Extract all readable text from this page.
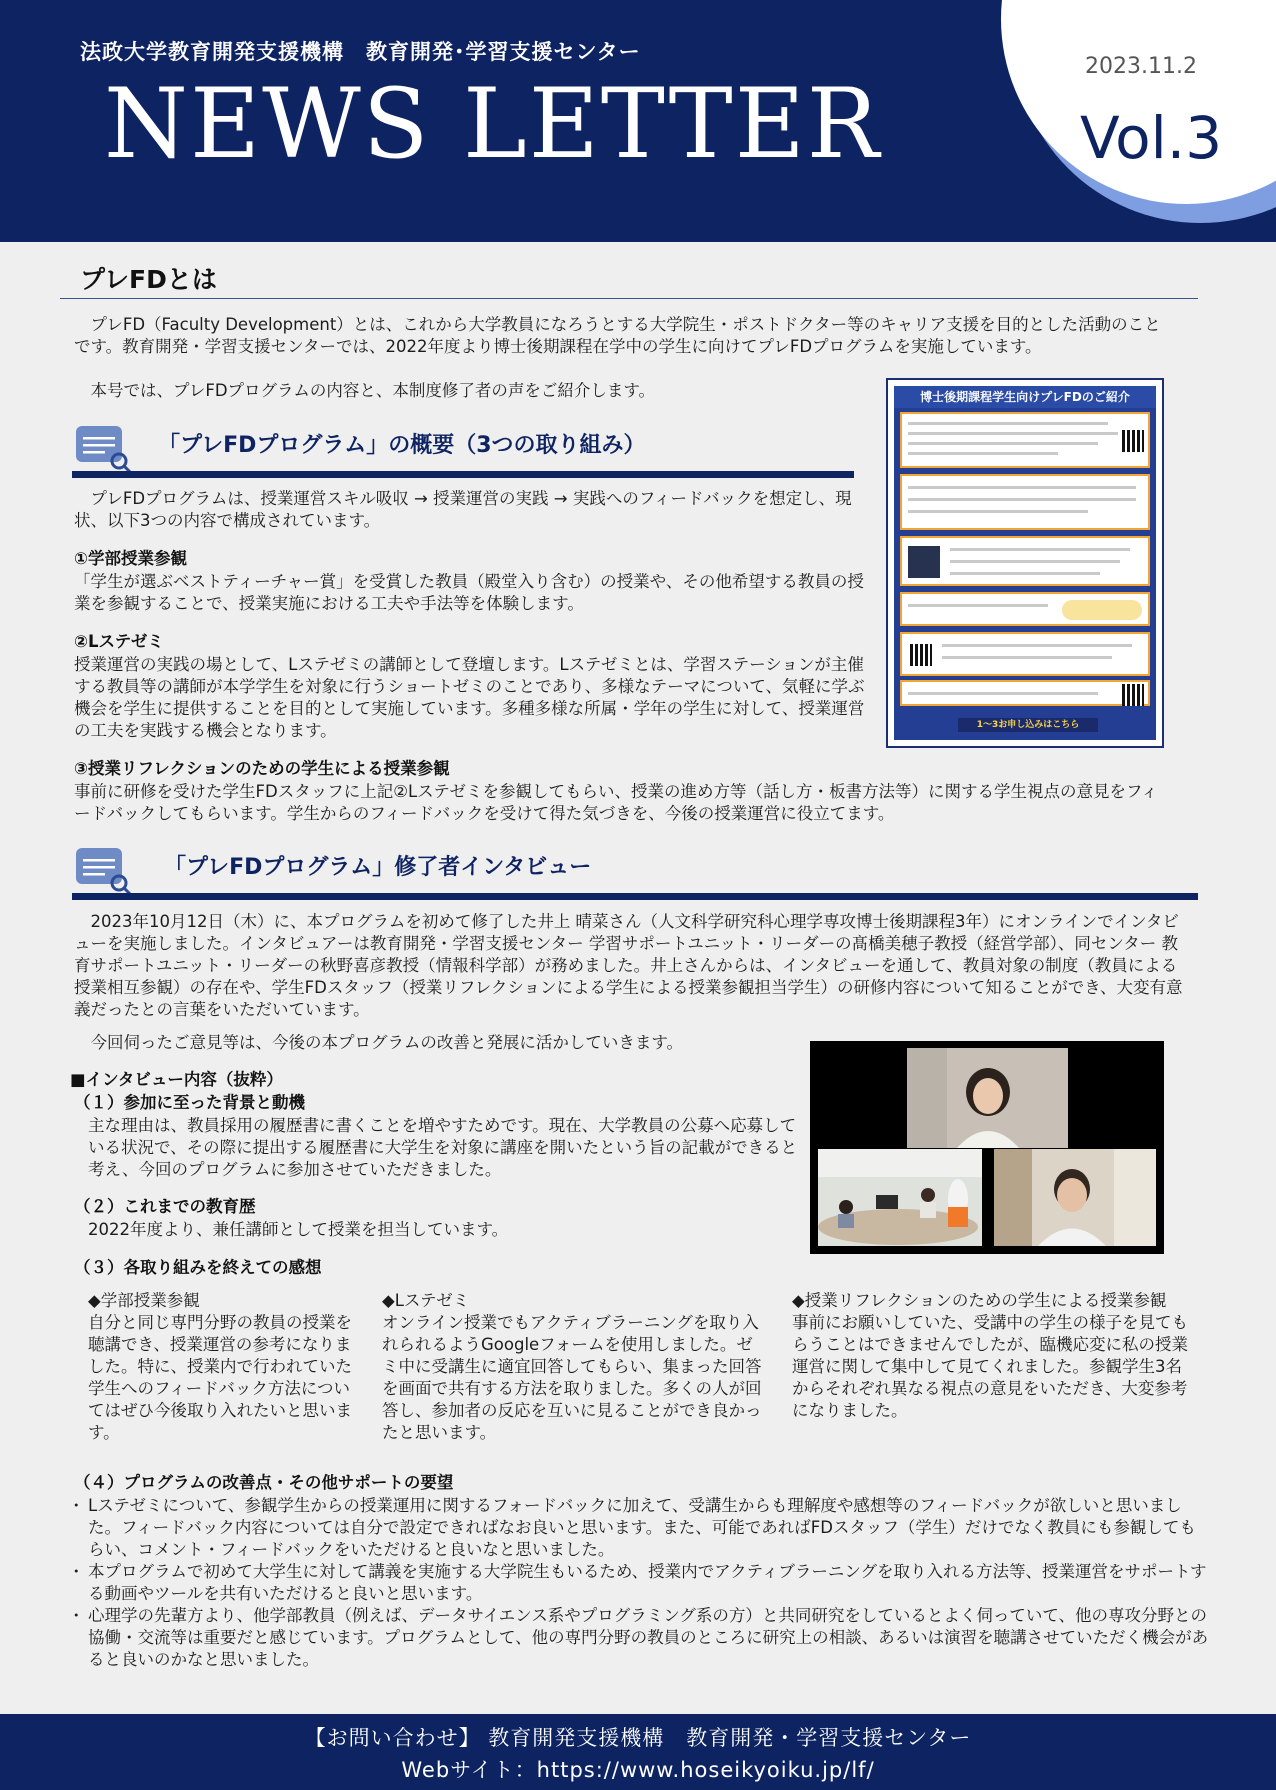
法政大学教育開発支援機構　教育開発･学習支援センター
NEWS LETTER
2023.11.2
Vol.3
プレFDとは
プレFD（Faculty Development）とは、これから大学教員になろうとする大学院生・ポストドクター等のキャリア支援を目的とした活動のことです。教育開発・学習支援センターでは、2022年度より博士後期課程在学中の学生に向けてプレFDプログラムを実施しています。
本号では、プレFDプログラムの内容と、本制度修了者の声をご紹介します。
「プレFDプログラム」の概要（3つの取り組み）
プレFDプログラムは、授業運営スキル吸収 → 授業運営の実践 → 実践へのフィードバックを想定し、現状、以下3つの内容で構成されています。
①学部授業参観
「学生が選ぶベストティーチャー賞」を受賞した教員（殿堂入り含む）の授業や、その他希望する教員の授業を参観することで、授業実施における工夫や手法等を体験します。
②Lステゼミ
授業運営の実践の場として、Lステゼミの講師として登壇します。Lステゼミとは、学習ステーションが主催する教員等の講師が本学学生を対象に行うショートゼミのことであり、多様なテーマについて、気軽に学ぶ機会を学生に提供することを目的として実施しています。多種多様な所属・学年の学生に対して、授業運営の工夫を実践する機会となります。
③授業リフレクションのための学生による授業参観
事前に研修を受けた学生FDスタッフに上記②Lステゼミを参観してもらい、授業の進め方等（話し方・板書方法等）に関する学生視点の意見をフィードバックしてもらいます。学生からのフィードバックを受けて得た気づきを、今後の授業運営に役立てます。
博士後期課程学生向けプレFDのご紹介
1～3お申し込みはこちら
「プレFDプログラム」修了者インタビュー
2023年10月12日（木）に、本プログラムを初めて修了した井上 晴菜さん（人文科学研究科心理学専攻博士後期課程3年）にオンラインでインタビューを実施しました。インタビュアーは教育開発・学習支援センター 学習サポートユニット・リーダーの髙橋美穂子教授（経営学部）、同センター 教育サポートユニット・リーダーの秋野喜彦教授（情報科学部）が務めました。井上さんからは、インタビューを通して、教員対象の制度（教員による授業相互参観）の存在や、学生FDスタッフ（授業リフレクションによる学生による授業参観担当学生）の研修内容について知ることができ、大変有意義だったとの言葉をいただいています。
今回伺ったご意見等は、今後の本プログラムの改善と発展に活かしていきます。
■インタビュー内容（抜粋）
（１）参加に至った背景と動機
主な理由は、教員採用の履歴書に書くことを増やすためです。現在、大学教員の公募へ応募している状況で、その際に提出する履歴書に大学生を対象に講座を開いたという旨の記載ができると考え、今回のプログラムに参加させていただきました。
（２）これまでの教育歴
2022年度より、兼任講師として授業を担当しています。
（３）各取り組みを終えての感想
◆学部授業参観
自分と同じ専門分野の教員の授業を聴講でき、授業運営の参考になりました。特に、授業内で行われていた学生へのフィードバック方法についてはぜひ今後取り入れたいと思います。
◆Lステゼミ
オンライン授業でもアクティブラーニングを取り入れられるようGoogleフォームを使用しました。ゼミ中に受講生に適宜回答してもらい、集まった回答を画面で共有する方法を取りました。多くの人が回答し、参加者の反応を互いに見ることができ良かったと思います。
◆授業リフレクションのための学生による授業参観
事前にお願いしていた、受講中の学生の様子を見てもらうことはできませんでしたが、臨機応変に私の授業運営に関して集中して見てくれました。参観学生3名からそれぞれ異なる視点の意見をいただき、大変参考になりました。
（４）プログラムの改善点・その他サポートの要望
・ Lステゼミについて、参観学生からの授業運用に関するフォードバックに加えて、受講生からも理解度や感想等のフィードバックが欲しいと思いました。フィードバック内容については自分で設定できればなお良いと思います。また、可能であればFDスタッフ（学生）だけでなく教員にも参観してもらい、コメント・フィードバックをいただけると良いなと思いました。
・ 本プログラムで初めて大学生に対して講義を実施する大学院生もいるため、授業内でアクティブラーニングを取り入れる方法等、授業運営をサポートする動画やツールを共有いただけると良いと思います。
・ 心理学の先輩方より、他学部教員（例えば、データサイエンス系やプログラミング系の方）と共同研究をしているとよく伺っていて、他の専攻分野との協働・交流等は重要だと感じています。プログラムとして、他の専門分野の教員のところに研究上の相談、あるいは演習を聴講させていただく機会があると良いのかなと思いました。
【お問い合わせ】 教育開発支援機構　教育開発・学習支援センター
Webサイト：https://www.hoseikyoiku.jp/lf/
